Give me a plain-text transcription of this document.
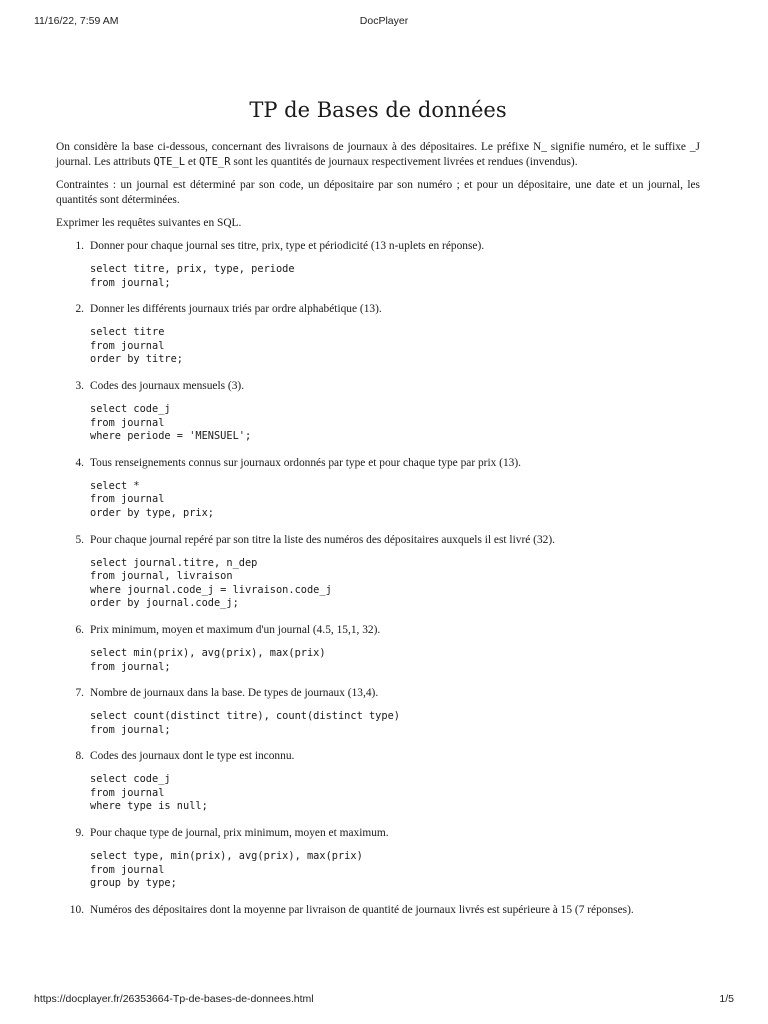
11/16/22, 7:59 AM	DocPlayer
TP de Bases de données

On considère la base ci-dessous, concernant des livraisons de journaux à des dépositaires. Le préfixe N_ signifie numéro, et le suffixe _J journal. Les attributs QTE_L et QTE_R sont les quantités de journaux respectivement livrées et rendues (invendus).

Contraintes : un journal est déterminé par son code, un dépositaire par son numéro ; et pour un dépositaire, une date et un journal, les quantités sont déterminées.

Exprimer les requêtes suivantes en SQL.

1. Donner pour chaque journal ses titre, prix, type et périodicité (13 n-uplets en réponse).

select titre, prix, type, periode
from journal;
2. Donner les différents journaux triés par ordre alphabétique (13).

select titre
from journal
order by titre;
3. Codes des journaux mensuels (3).

select code_j
from journal
where periode = 'MENSUEL';
4. Tous renseignements connus sur journaux ordonnés par type et pour chaque type par prix (13).

select *
from journal
order by type, prix;
5. Pour chaque journal repéré par son titre la liste des numéros des dépositaires auxquels il est livré (32).

select journal.titre, n_dep
from journal, livraison
where journal.code_j = livraison.code_j
order by journal.code_j;
6. Prix minimum, moyen et maximum d'un journal (4.5, 15,1, 32).

select min(prix), avg(prix), max(prix)
from journal;
7. Nombre de journaux dans la base. De types de journaux (13,4).

select count(distinct titre), count(distinct type)
from journal;
8. Codes des journaux dont le type est inconnu.

select code_j
from journal
where type is null;
9. Pour chaque type de journal, prix minimum, moyen et maximum.

select type, min(prix), avg(prix), max(prix)
from journal
group by type;
10. Numéros des dépositaires dont la moyenne par livraison de quantité de journaux livrés est supérieure à 15 (7 réponses).

https://docplayer.fr/26353664-Tp-de-bases-de-donnees.html	1/5
